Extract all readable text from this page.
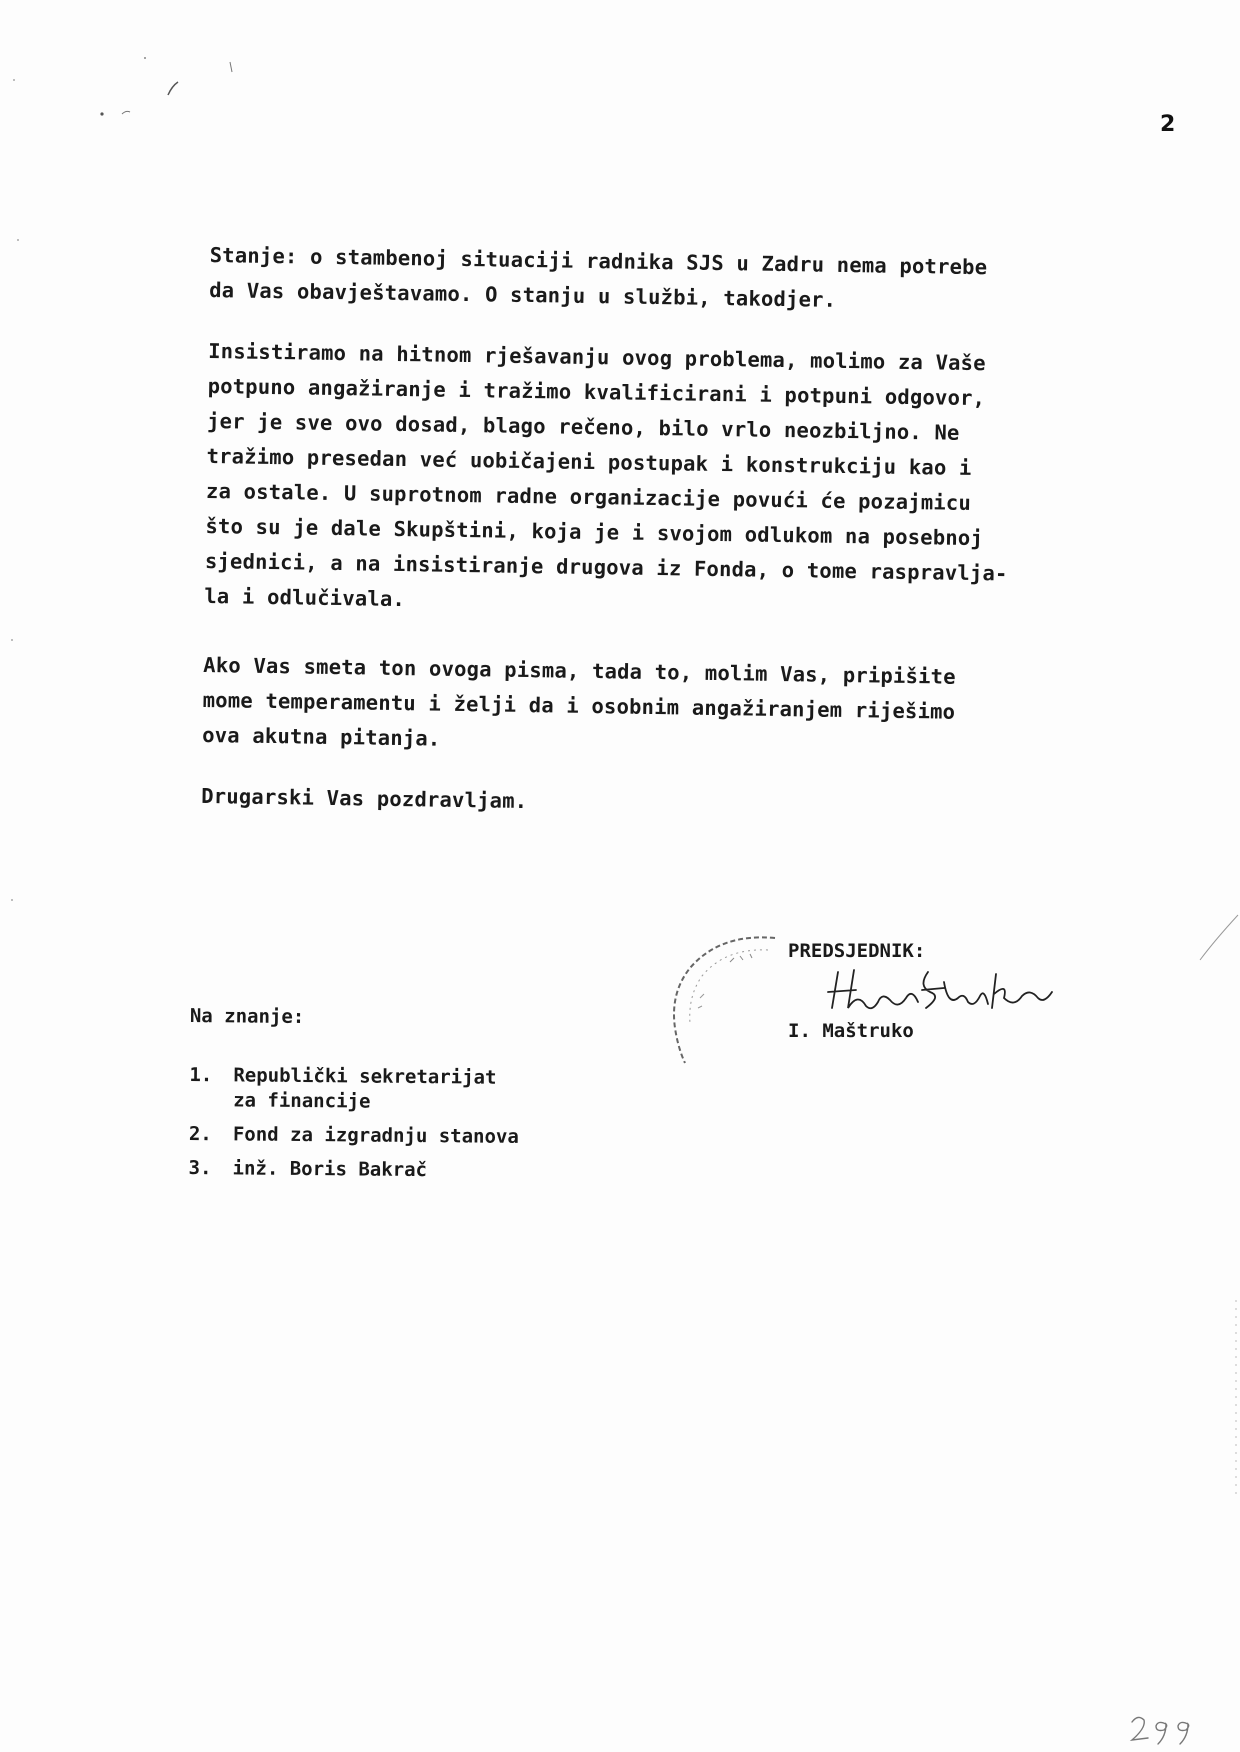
2

Stanje: o stambenoj situaciji radnika SJS u Zadru nema potrebe
da Vas obavještavamo. O stanju u službi, takodjer.

Insistiramo na hitnom rješavanju ovog problema, molimo za Vaše
potpuno angažiranje i tražimo kvalificirani i potpuni odgovor,
jer je sve ovo dosad, blago rečeno, bilo vrlo neozbiljno. Ne
tražimo presedan već uobičajeni postupak i konstrukciju kao i
za ostale. U suprotnom radne organizacije povući će pozajmicu
što su je dale Skupštini, koja je i svojom odlukom na posebnoj
sjednici, a na insistiranje drugova iz Fonda, o tome raspravlja-
la i odlučivala.

Ako Vas smeta ton ovoga pisma, tada to, molim Vas, pripišite
mome temperamentu i želji da i osobnim angažiranjem riješimo
ova akutna pitanja.

Drugarski Vas pozdravljam.

PREDSJEDNIK:
I. Maštruko
Na znanje:
1.	Republički sekretarijat
za financije
2.	Fond za izgradnju stanova
3.	inž. Boris Bakrač
